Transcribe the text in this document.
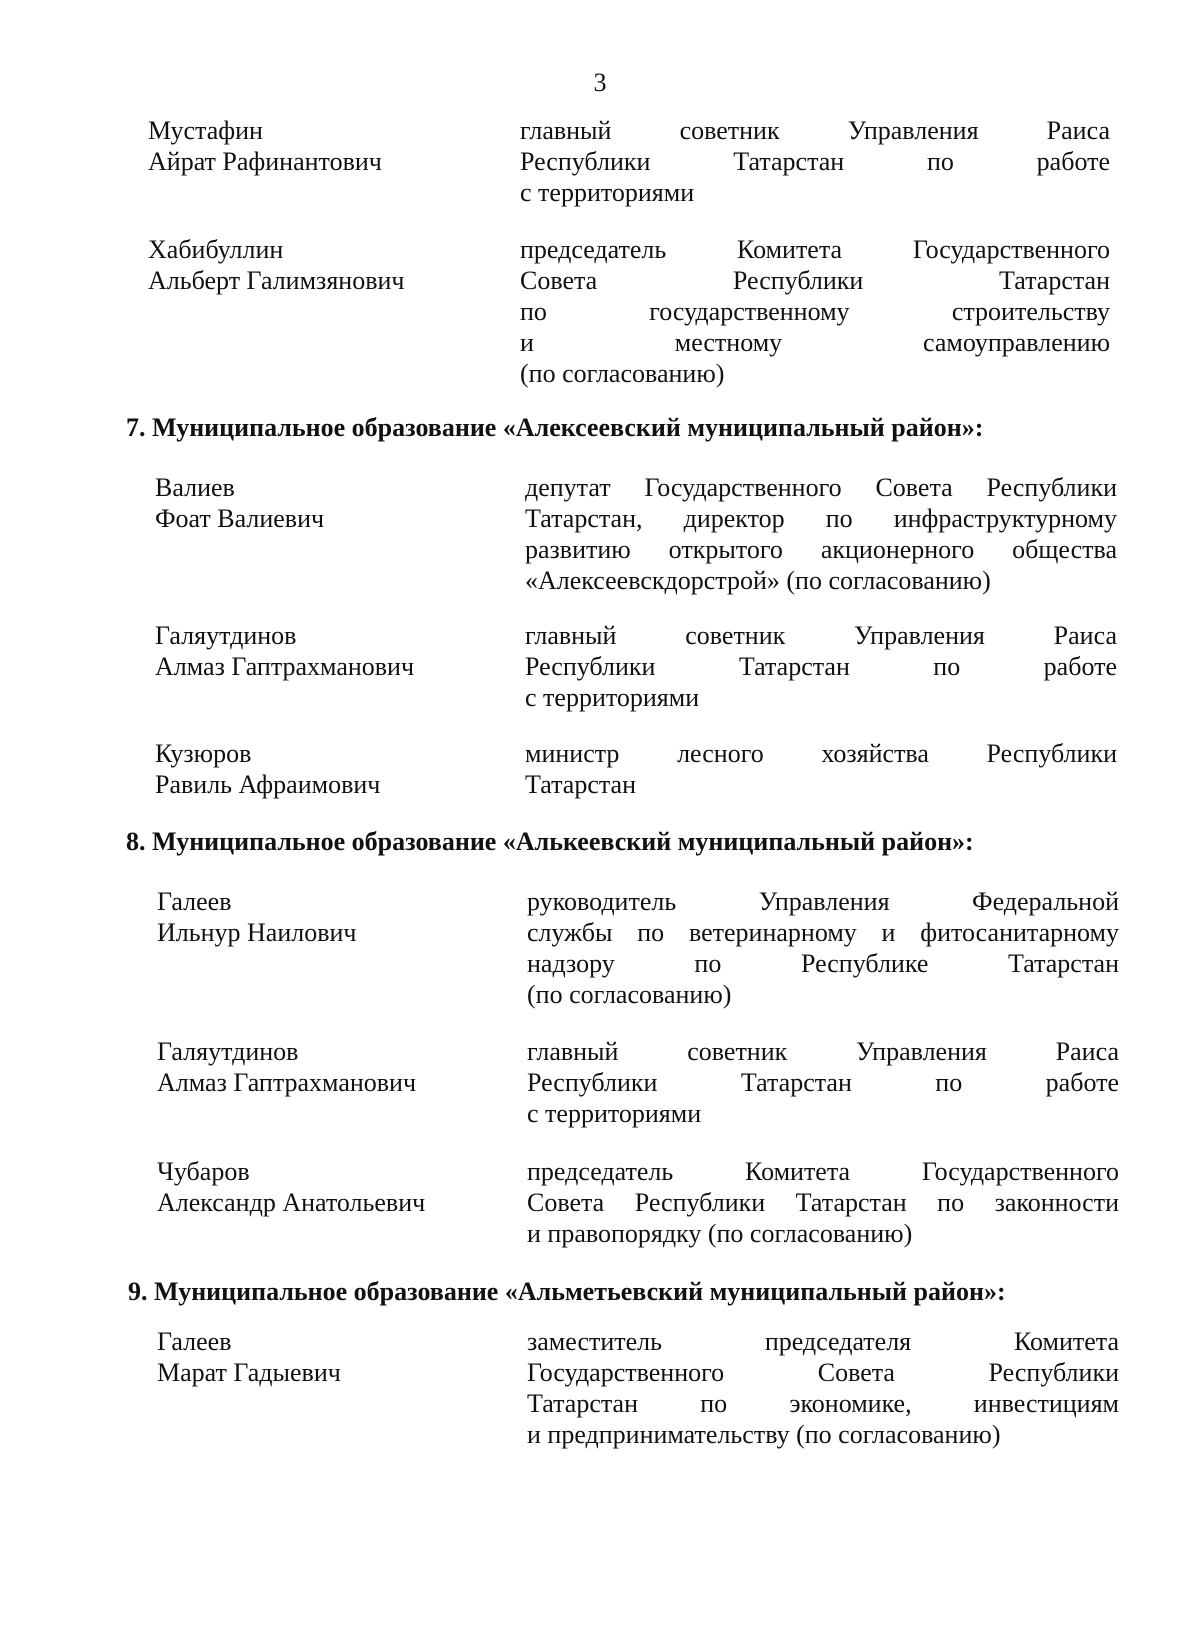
3
Мустафин
Айрат Рафинантович
главный советник Управления Раиса
Республики Татарстан по работе
с территориями
Хабибуллин
Альберт Галимзянович
председатель Комитета Государственного
Совета Республики Татарстан
по государственному строительству
и местному самоуправлению
(по согласованию)
7. Муниципальное образование «Алексеевский муниципальный район»:
Валиев
Фоат Валиевич
депутат Государственного Совета Республики
Татарстан, директор по инфраструктурному
развитию открытого акционерного общества
«Алексеевскдорстрой» (по согласованию)
Галяутдинов
Алмаз Гаптрахманович
главный советник Управления Раиса
Республики Татарстан по работе
с территориями
Кузюров
Равиль Афраимович
министр лесного хозяйства Республики
Татарстан
8. Муниципальное образование «Алькеевский муниципальный район»:
Галеев
Ильнур Наилович
руководитель Управления Федеральной
службы по ветеринарному и фитосанитарному
надзору по Республике Татарстан
(по согласованию)
Галяутдинов
Алмаз Гаптрахманович
главный советник Управления Раиса
Республики Татарстан по работе
с территориями
Чубаров
Александр Анатольевич
председатель Комитета Государственного
Совета Республики Татарстан по законности
и правопорядку (по согласованию)
9. Муниципальное образование «Альметьевский муниципальный район»:
Галеев
Марат Гадыевич
заместитель председателя Комитета
Государственного Совета Республики
Татарстан по экономике, инвестициям
и предпринимательству (по согласованию)
